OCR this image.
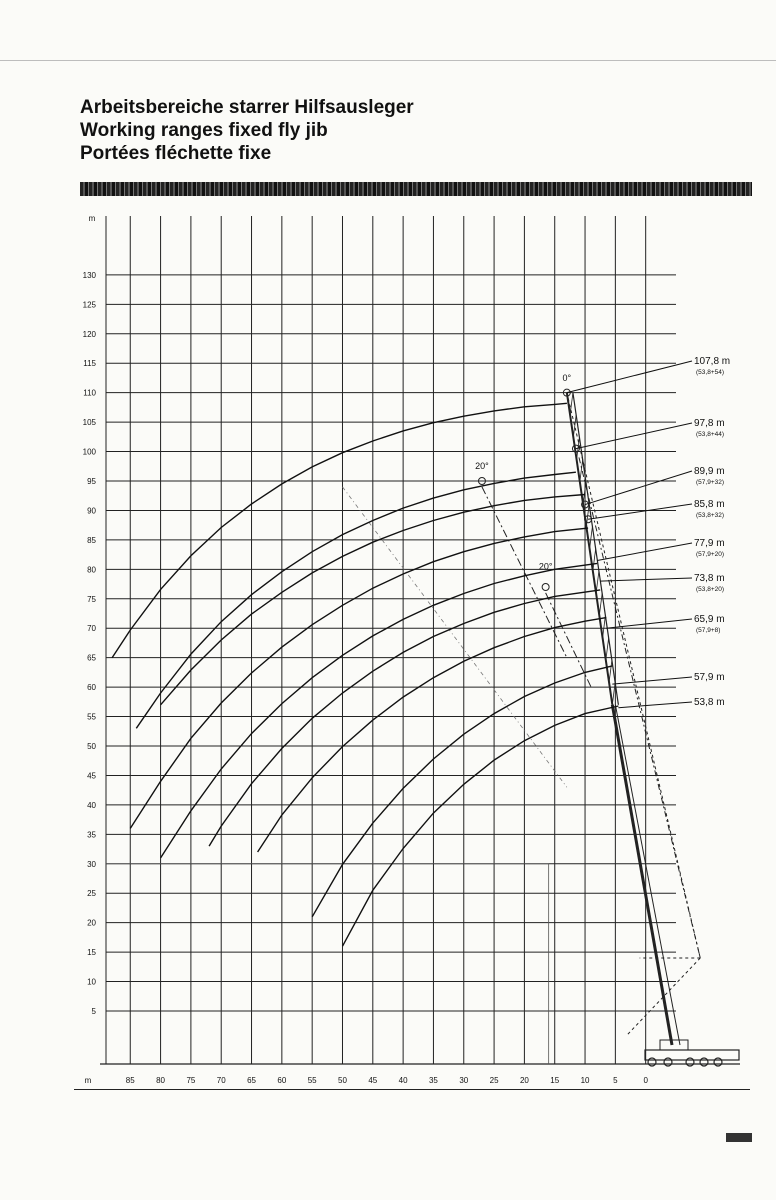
Arbeitsbereiche starrer Hilfsausleger
Working ranges fixed fly jib
Portées fléchette fixe
85	80	75	70	65	60	55	50	45	40	35	30	25	20	15	10	5	0
5
10
15
20
25
30
35
40
45
50
55
60
65
70
75
80
85
90
95
100
105
110
115
120
125
130
m
m
0°
20°
20°
107,8 m
(53,8+54)
97,8 m
(53,8+44)
89,9 m
(57,9+32)
85,8 m
(53,8+32)
77,9 m
(57,9+20)
73,8 m
(53,8+20)
65,9 m
(57,9+8)
57,9 m
53,8 m
